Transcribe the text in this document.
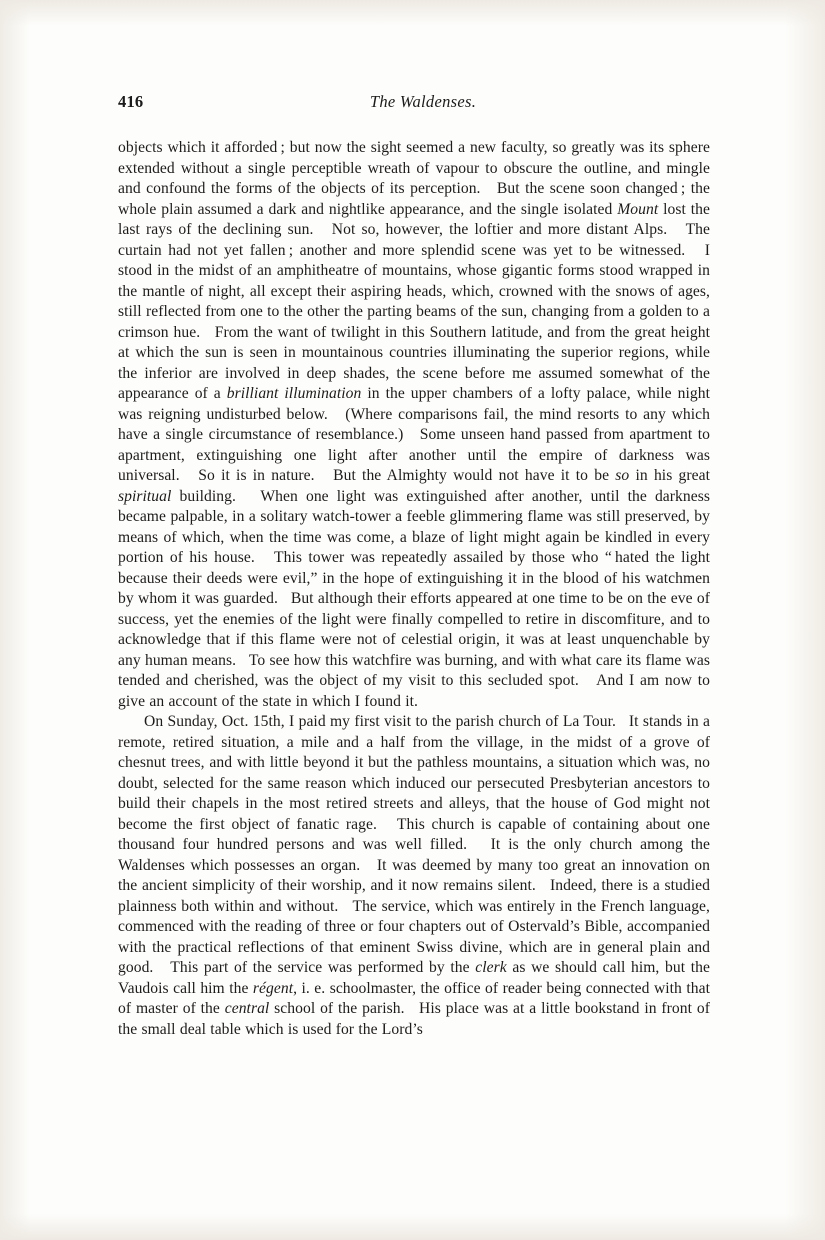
416	The Waldenses.

objects which it afforded ; but now the sight seemed a new faculty, so greatly was its sphere extended without a single perceptible wreath of vapour to obscure the outline, and mingle and confound the forms of the objects of its perception.   But the scene soon changed ; the whole plain assumed a dark and nightlike appearance, and the single isolated Mount lost the last rays of the declining sun.   Not so, however, the loftier and more distant Alps.   The curtain had not yet fallen ; another and more splendid scene was yet to be witnessed.   I stood in the midst of an amphitheatre of mountains, whose gigantic forms stood wrapped in the mantle of night, all except their aspiring heads, which, crowned with the snows of ages, still reflected from one to the other the parting beams of the sun, changing from a golden to a crimson hue.   From the want of twilight in this Southern latitude, and from the great height at which the sun is seen in mountainous countries illuminating the superior regions, while the inferior are involved in deep shades, the scene before me assumed somewhat of the appearance of a brilliant illumination in the upper chambers of a lofty palace, while night was reigning undisturbed below.   (Where comparisons fail, the mind resorts to any which have a single circumstance of resemblance.)   Some unseen hand passed from apartment to apartment, extinguishing one light after another until the empire of darkness was universal.   So it is in nature.   But the Almighty would not have it to be so in his great spiritual building.   When one light was extinguished after another, until the darkness became palpable, in a solitary watch-tower a feeble glimmering flame was still preserved, by means of which, when the time was come, a blaze of light might again be kindled in every portion of his house.   This tower was repeatedly assailed by those who “ hated the light because their deeds were evil,” in the hope of extinguishing it in the blood of his watchmen by whom it was guarded.   But although their efforts appeared at one time to be on the eve of success, yet the enemies of the light were finally compelled to retire in discomfiture, and to acknowledge that if this flame were not of celestial origin, it was at least unquenchable by any human means.   To see how this watchfire was burning, and with what care its flame was tended and cherished, was the object of my visit to this secluded spot.   And I am now to give an account of the state in which I found it.

On Sunday, Oct. 15th, I paid my first visit to the parish church of La Tour.   It stands in a remote, retired situation, a mile and a half from the village, in the midst of a grove of chesnut trees, and with little beyond it but the pathless mountains, a situation which was, no doubt, selected for the same reason which induced our persecuted Presbyterian ancestors to build their chapels in the most retired streets and alleys, that the house of God might not become the first object of fanatic rage.   This church is capable of containing about one thousand four hundred persons and was well filled.   It is the only church among the Waldenses which possesses an organ.   It was deemed by many too great an innovation on the ancient simplicity of their worship, and it now remains silent.   Indeed, there is a studied plainness both within and without.   The service, which was entirely in the French language, commenced with the reading of three or four chapters out of Ostervald’s Bible, accompanied with the practical reflections of that eminent Swiss divine, which are in general plain and good.   This part of the service was performed by the clerk as we should call him, but the Vaudois call him the régent, i. e. schoolmaster, the office of reader being connected with that of master of the central school of the parish.   His place was at a little bookstand in front of the small deal table which is used for the Lord’s
